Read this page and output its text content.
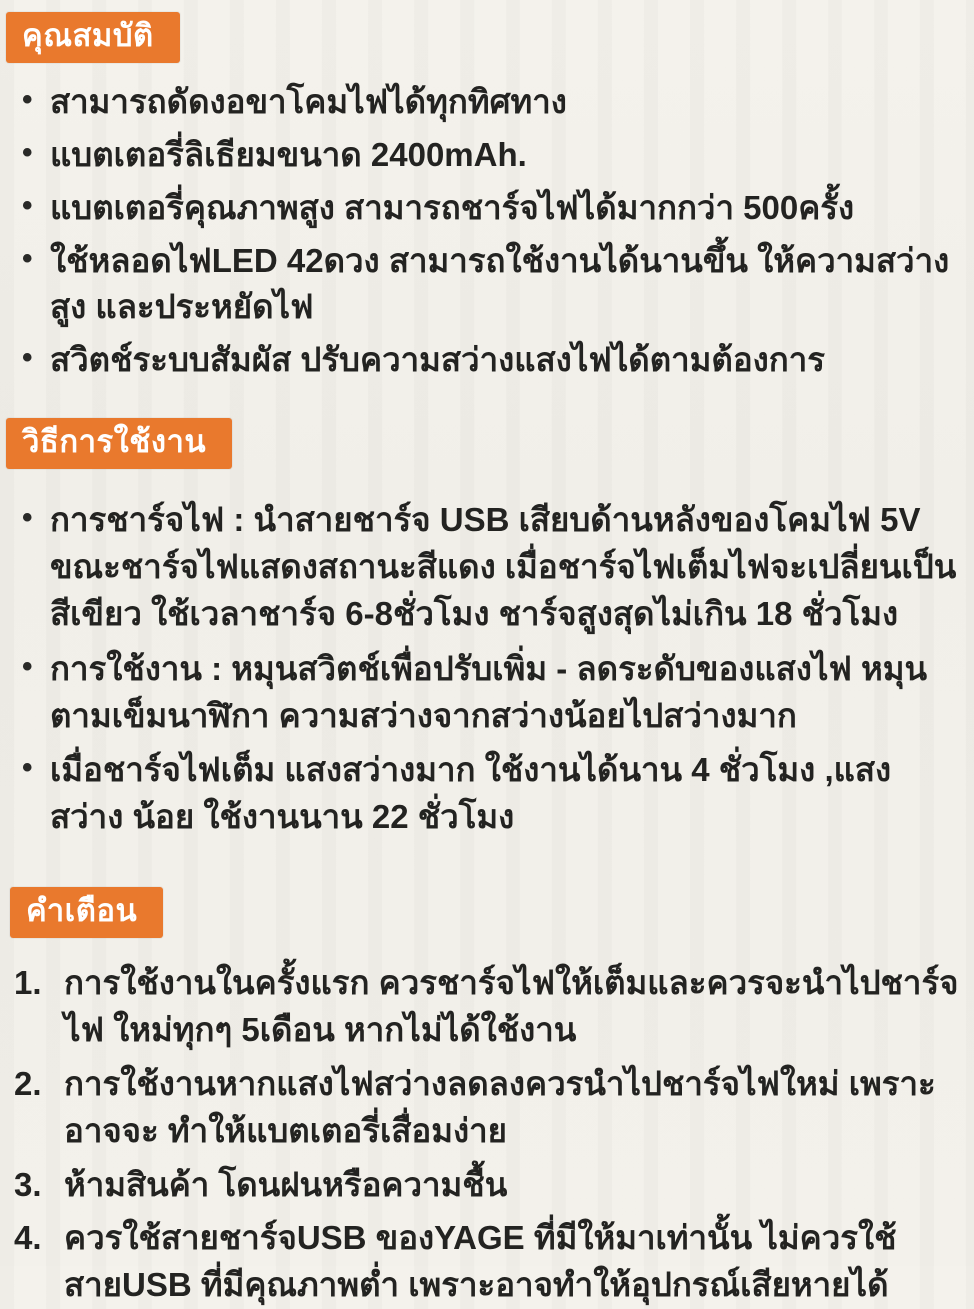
คุณสมบัติ
• สามารถดัดงอขาโคมไฟได้ทุกทิศทาง
• แบตเตอรี่ลิเธียมขนาด 2400mAh.
• แบตเตอรี่คุณภาพสูง สามารถชาร์จไฟได้มากกว่า 500ครั้ง
• ใช้หลอดไฟLED 42ดวง สามารถใช้งานได้นานขึ้น ให้ความสว่างสูง และประหยัดไฟ
• สวิตช์ระบบสัมผัส ปรับความสว่างแสงไฟได้ตามต้องการ
วิธีการใช้งาน
• การชาร์จไฟ : นำสายชาร์จ USB เสียบด้านหลังของโคมไฟ 5V ขณะชาร์จไฟแสดงสถานะสีแดง เมื่อชาร์จไฟเต็มไฟจะเปลี่ยนเป็นสีเขียว ใช้เวลาชาร์จ 6-8ชั่วโมง ชาร์จสูงสุดไม่เกิน 18 ชั่วโมง
• การใช้งาน : หมุนสวิตช์เพื่อปรับเพิ่ม - ลดระดับของแสงไฟ หมุน ตามเข็มนาฬิกา ความสว่างจากสว่างน้อยไปสว่างมาก
• เมื่อชาร์จไฟเต็ม แสงสว่างมาก ใช้งานได้นาน 4 ชั่วโมง ,แสงสว่าง น้อย ใช้งานนาน 22 ชั่วโมง
คำเตือน
การใช้งานในครั้งแรก ควรชาร์จไฟให้เต็มและควรจะนำไปชาร์จไฟ ใหม่ทุกๆ 5เดือน หากไม่ได้ใช้งาน
การใช้งานหากแสงไฟสว่างลดลงควรนำไปชาร์จไฟใหม่ เพราะอาจจะ ทำให้แบตเตอรี่เสื่อมง่าย
ห้ามสินค้า โดนฝนหรือความชื้น
ควรใช้สายชาร์จUSB ของYAGE ที่มีให้มาเท่านั้น ไม่ควรใช้สายUSB ที่มีคุณภาพต่ำ เพราะอาจทำให้อุปกรณ์เสียหายได้
